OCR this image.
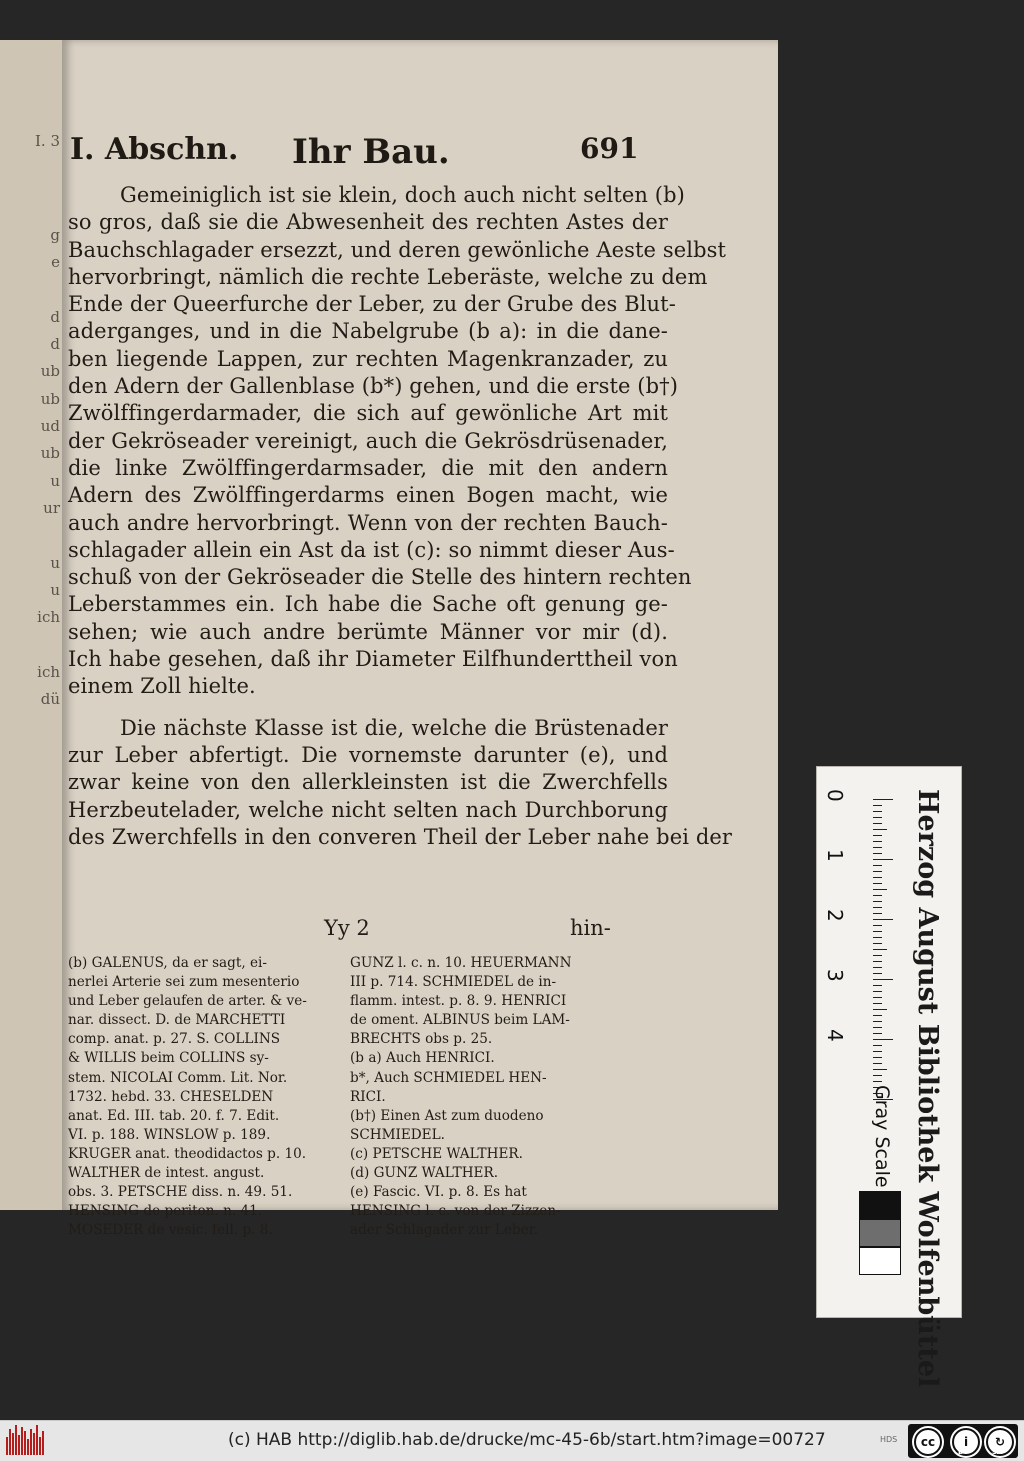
I. 3
g
e
d
d
ub
ub
ud
ub
u
ur
u
u
ich
ich
dü
I. Abschn. Ihr Bau.	691
Gemeiniglich ist sie klein, doch auch nicht selten (b)
so gros, daß sie die Abwesenheit des rechten Astes der
Bauchschlagader ersezzt, und deren gewönliche Aeste selbst
hervorbringt, nämlich die rechte Leberäste, welche zu dem
Ende der Queerfurche der Leber, zu der Grube des Blut-
aderganges, und in die Nabelgrube (b a): in die dane-
ben liegende Lappen, zur rechten Magenkranzader, zu
den Adern der Gallenblase (b*) gehen, und die erste (b†)
Zwölffingerdarmader, die sich auf gewönliche Art mit
der Gekröseader vereinigt, auch die Gekrösdrüsenader,
die linke Zwölffingerdarmsader, die mit den andern
Adern des Zwölffingerdarms einen Bogen macht, wie
auch andre hervorbringt. Wenn von der rechten Bauch-
schlagader allein ein Ast da ist (c): so nimmt dieser Aus-
schuß von der Gekröseader die Stelle des hintern rechten
Leberstammes ein. Ich habe die Sache oft genung ge-
sehen; wie auch andre berümte Männer vor mir (d).
Ich habe gesehen, daß ihr Diameter Eilfhunderttheil von
einem Zoll hielte.
Die nächste Klasse ist die, welche die Brüstenader
zur Leber abfertigt. Die vornemste darunter (e), und
zwar keine von den allerkleinsten ist die Zwerchfells
Herzbeutelader, welche nicht selten nach Durchborung
des Zwerchfells in den converen Theil der Leber nahe bei der
Yy 2	hin-
(b) GALENUS, da er sagt, ei-
nerlei Arterie sei zum mesenterio
und Leber gelaufen de arter. & ve-
nar. dissect. D. de MARCHETTI
comp. anat. p. 27. S. COLLINS
& WILLIS beim COLLINS sy-
stem. NICOLAI Comm. Lit. Nor.
1732. hebd. 33. CHESELDEN
anat. Ed. III. tab. 20. f. 7. Edit.
VI. p. 188. WINSLOW p. 189.
KRUGER anat. theodidactos p. 10.
WALTHER de intest. angust.
obs. 3. PETSCHE diss. n. 49. 51.
HENSING de periton. n. 41.
MOSEDER de vesic. fell. p. 8.
GUNZ l. c. n. 10. HEUERMANN
III p. 714. SCHMIEDEL de in-
flamm. intest. p. 8. 9. HENRICI
de oment. ALBINUS beim LAM-
BRECHTS obs p. 25.
(b a) Auch HENRICI.
b*, Auch SCHMIEDEL HEN-
RICI.
(b†) Einen Ast zum duodeno
SCHMIEDEL.
(c) PETSCHE WALTHER.
(d) GUNZ WALTHER.
(e) Fascic. VI. p. 8. Es hat
HENSING l. c. von der Zizzen-
ader Schlagader zur Leber.
0
1
2
3
4 Herzog August Bibliothek Wolfenbüttel
Gray Scale
(c) HAB http://diglib.hab.de/drucke/mc-45-6b/start.htm?image=00727	HDS	cc	i	↻
BY	SA
